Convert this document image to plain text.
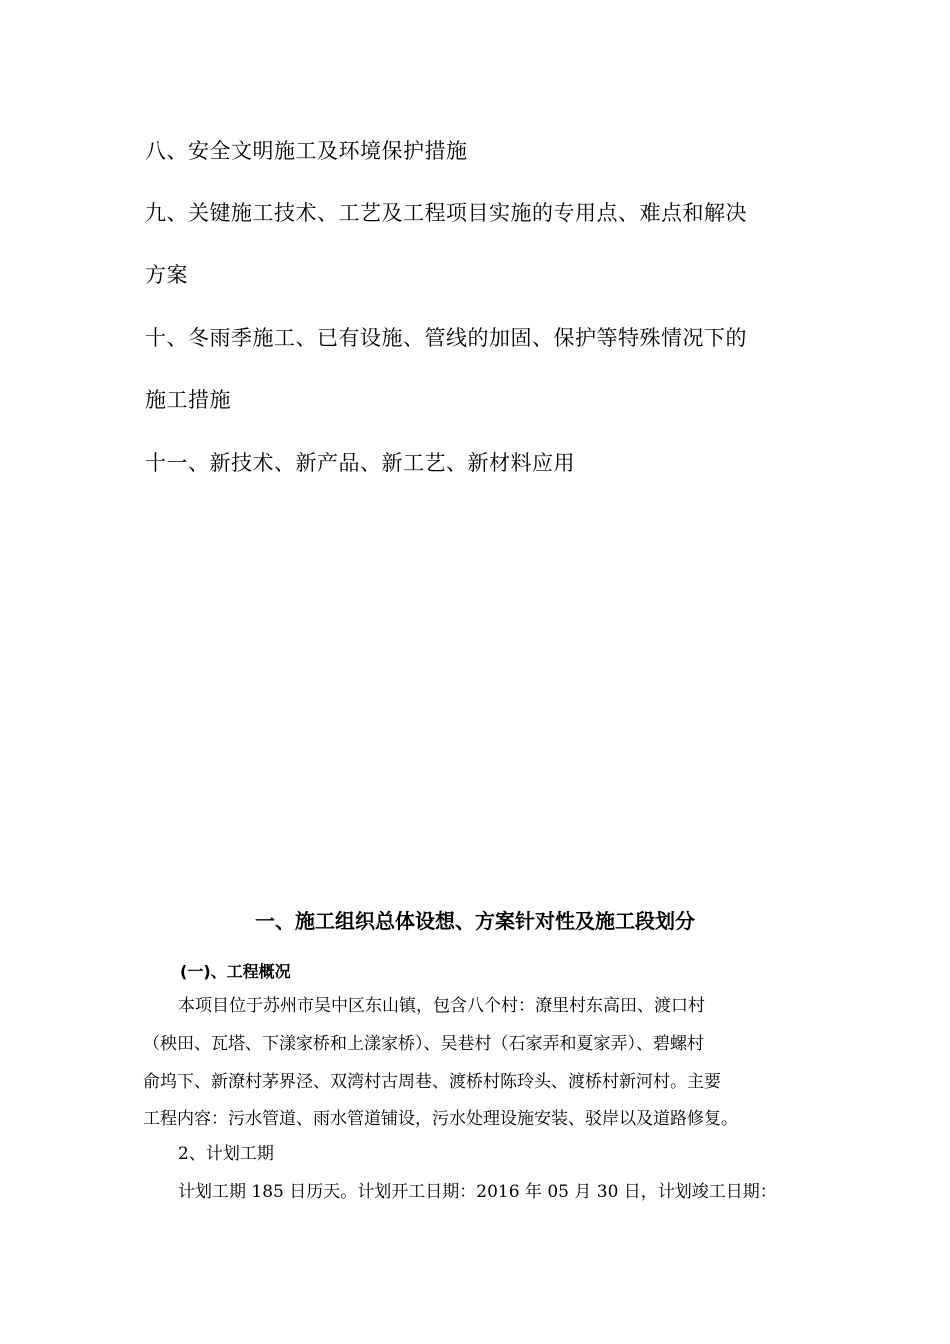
八、安全文明施工及环境保护措施
九、关键施工技术、工艺及工程项目实施的专用点、难点和解决
方案
十、冬雨季施工、已有设施、管线的加固、保护等特殊情况下的
施工措施
十一、新技术、新产品、新工艺、新材料应用
一、施工组织总体设想、方案针对性及施工段划分
(一)、工程概况
本项目位于苏州市吴中区东山镇，包含八个村：潦里村东高田、渡口村
（秧田、瓦塔、下漾家桥和上漾家桥）、吴巷村（石家弄和夏家弄）、碧螺村
俞坞下、新潦村茅界泾、双湾村古周巷、渡桥村陈玲头、渡桥村新河村。主要
工程内容：污水管道、雨水管道铺设，污水处理设施安装、驳岸以及道路修复。
2、计划工期
计划工期 185 日历天。计划开工日期：2016 年 05 月 30 日，计划竣工日期：
